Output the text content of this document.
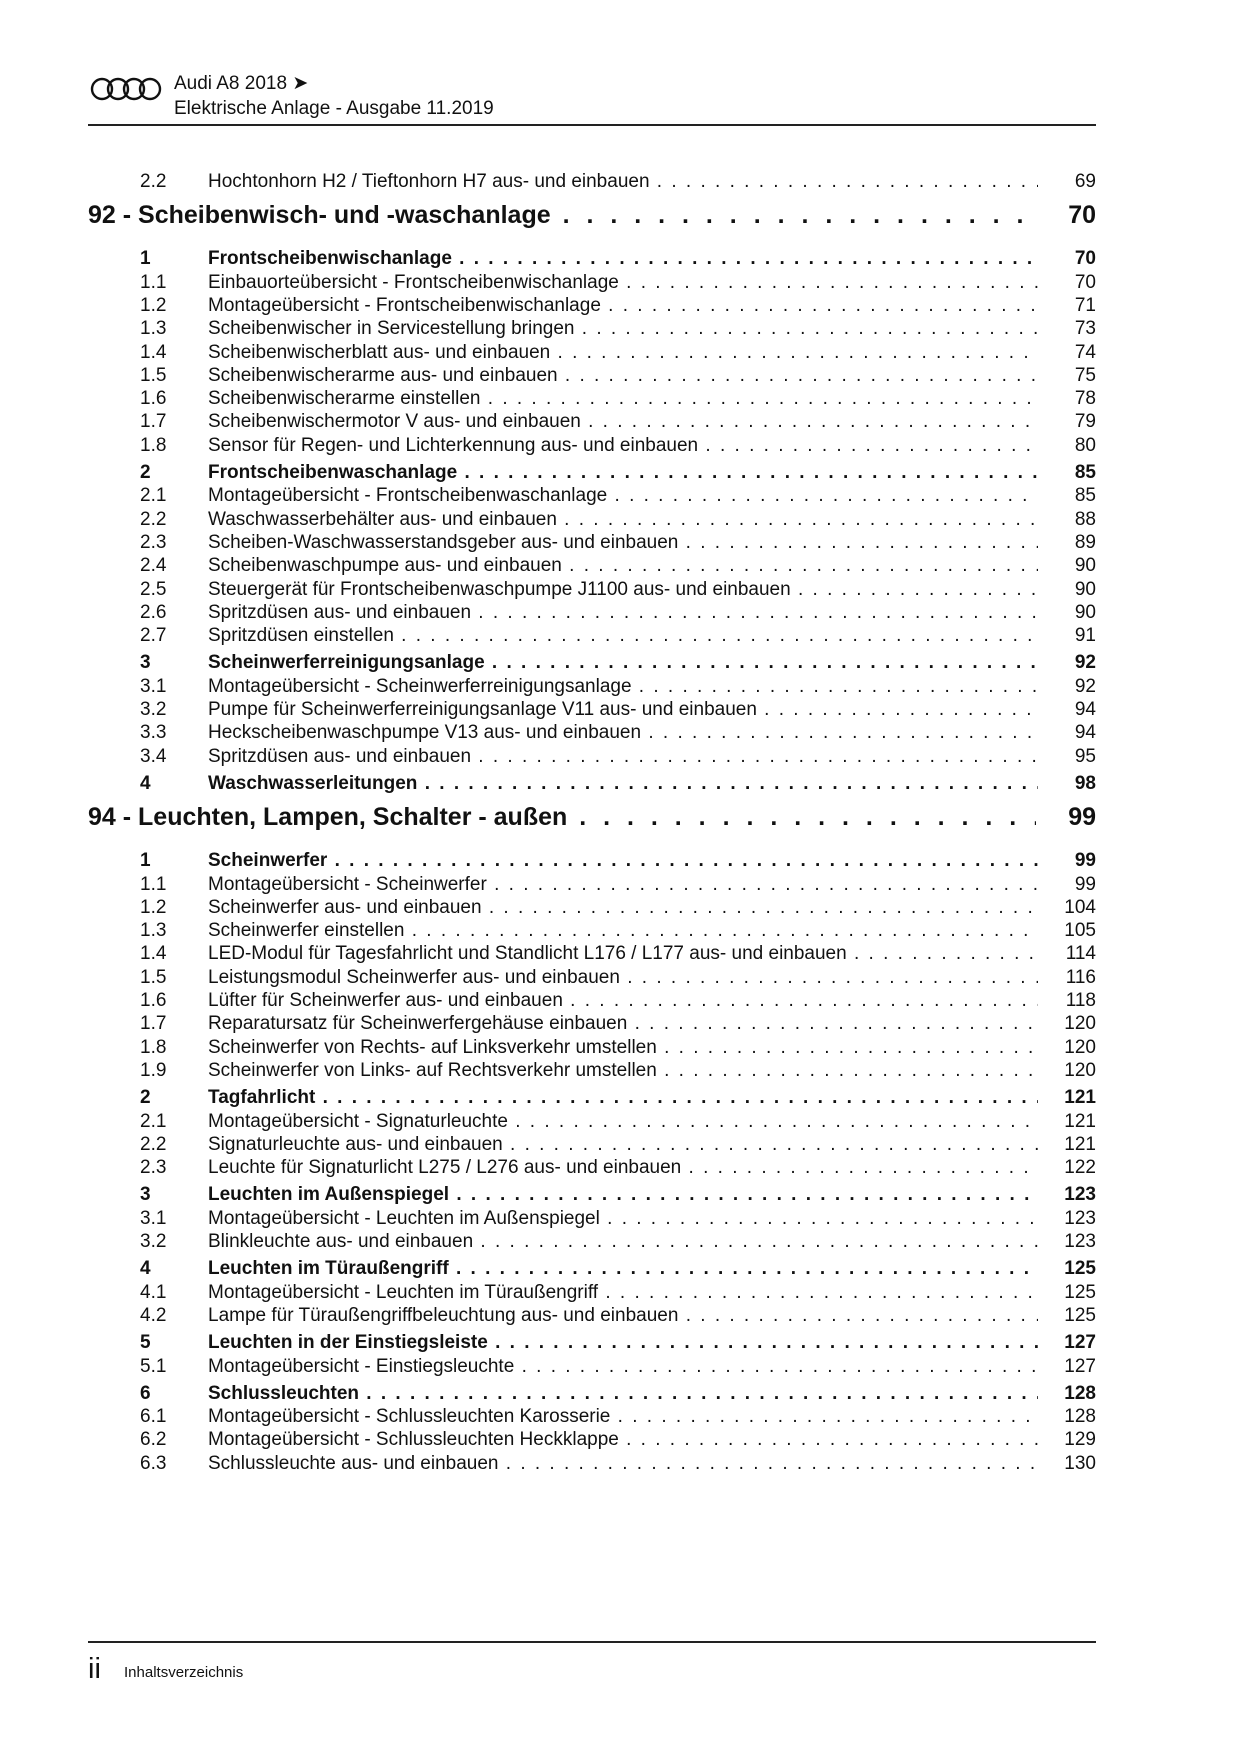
Audi A8 2018 ➤
Elektrische Anlage - Ausgabe 11.2019
2.2 Hochtonhorn H2 / Tieftonhorn H7 aus- und einbauen . . .	69
92 - Scheibenwisch- und -waschanlage . . .	70
1	Frontscheibenwischanlage . . .	70
1.1 Einbauorteübersicht - Frontscheibenwischanlage . . .	70
1.2 Montageübersicht - Frontscheibenwischanlage . . .	71
1.3 Scheibenwischer in Servicestellung bringen . . .	73
1.4 Scheibenwischerblatt aus- und einbauen . . .	74
1.5 Scheibenwischerarme aus- und einbauen . . .	75
1.6 Scheibenwischerarme einstellen . . .	78
1.7 Scheibenwischermotor V aus- und einbauen . . .	79
1.8 Sensor für Regen- und Lichterkennung aus- und einbauen . . .	80
2	Frontscheibenwaschanlage . . .	85
2.1 Montageübersicht - Frontscheibenwaschanlage . . .	85
2.2 Waschwasserbehälter aus- und einbauen . . .	88
2.3 Scheiben-Waschwasserstandsgeber aus- und einbauen . . .	89
2.4 Scheibenwaschpumpe aus- und einbauen . . .	90
2.5 Steuergerät für Frontscheibenwaschpumpe J1100 aus- und einbauen . . .	90
2.6 Spritzdüsen aus- und einbauen . . .	90
2.7 Spritzdüsen einstellen . . .	91
3	Scheinwerferreinigungsanlage . . .	92
3.1 Montageübersicht - Scheinwerferreinigungsanlage . . .	92
3.2 Pumpe für Scheinwerferreinigungsanlage V11 aus- und einbauen . . .	94
3.3 Heckscheibenwaschpumpe V13 aus- und einbauen . . .	94
3.4 Spritzdüsen aus- und einbauen . . .	95
4	Waschwasserleitungen . . .	98
94 - Leuchten, Lampen, Schalter - außen . . .	99
1	Scheinwerfer . . .	99
1.1 Montageübersicht - Scheinwerfer . . .	99
1.2 Scheinwerfer aus- und einbauen . . .	104
1.3 Scheinwerfer einstellen . . .	105
1.4 LED-Modul für Tagesfahrlicht und Standlicht L176 / L177 aus- und einbauen . . .	114
1.5 Leistungsmodul Scheinwerfer aus- und einbauen . . .	116
1.6 Lüfter für Scheinwerfer aus- und einbauen . . .	118
1.7 Reparatursatz für Scheinwerfergehäuse einbauen . . .	120
1.8 Scheinwerfer von Rechts- auf Linksverkehr umstellen . . .	120
1.9 Scheinwerfer von Links- auf Rechtsverkehr umstellen . . .	120
2	Tagfahrlicht . . .	121
2.1 Montageübersicht - Signaturleuchte . . .	121
2.2 Signaturleuchte aus- und einbauen . . .	121
2.3 Leuchte für Signaturlicht L275 / L276 aus- und einbauen . . .	122
3	Leuchten im Außenspiegel . . .	123
3.1 Montageübersicht - Leuchten im Außenspiegel . . .	123
3.2 Blinkleuchte aus- und einbauen . . .	123
4	Leuchten im Türaußengriff . . .	125
4.1 Montageübersicht - Leuchten im Türaußengriff . . .	125
4.2 Lampe für Türaußengriffbeleuchtung aus- und einbauen . . .	125
5	Leuchten in der Einstiegsleiste . . .	127
5.1 Montageübersicht - Einstiegsleuchte . . .	127
6	Schlussleuchten . . .	128
6.1 Montageübersicht - Schlussleuchten Karosserie . . .	128
6.2 Montageübersicht - Schlussleuchten Heckklappe . . .	129
6.3 Schlussleuchte aus- und einbauen . . .	130
ii Inhaltsverzeichnis
